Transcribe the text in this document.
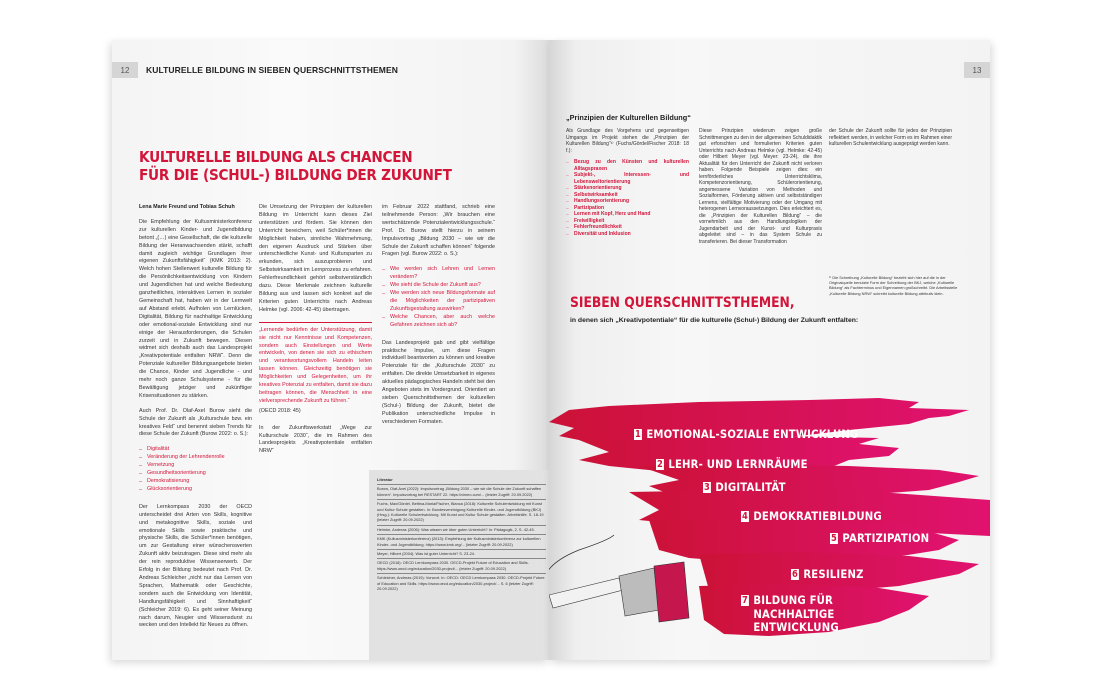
12	KULTURELLE BILDUNG IN SIEBEN QUERSCHNITTSTHEMEN
KULTURELLE BILDUNG ALS CHANCEN
FÜR DIE (SCHUL-) BILDUNG DER ZUKUNFT
Lena Marie Freund und Tobias Schuh

Die Empfehlung der Kultusministerkonferenz zur kulturellen Kinder- und Jugendbildung betont „(…) eine Gesellschaft, die die kulturelle Bildung der Heranwachsenden stärkt, schafft damit zugleich wichtige Grundlagen ihrer eigenen Zukunftsfähigkeit“ (KMK 2013: 2). Welch hohen Stellenwert kulturelle Bildung für die Persönlichkeitsentwicklung von Kindern und Jugendlichen hat und welche Bedeutung ganzheitliches, interaktives Lernen in sozialer Gemeinschaft hat, haben wir in der Lernwelt auf Abstand erlebt. Aufholen von Lernlücken, Digitalität, Bildung für nachhaltige Entwicklung oder emotional-soziale Entwicklung sind nur einige der Herausforderungen, die Schulen zurzeit und in Zukunft bewegen. Diesen widmet sich deshalb auch das Landesprojekt „Kreativpotentiale entfalten NRW“. Denn die Potenziale kultureller Bildungsangebote bieten die Chance, Kinder und Jugendliche - und mehr noch ganze Schulsysteme - für die Bewältigung jetziger und zukünftiger Krisensituationen zu stärken.

Auch Prof. Dr. Olaf-Axel Burow sieht die Schule der Zukunft als „Kulturschule bzw. ein kreatives Feld“ und benennt sieben Trends für diese Schule der Zukunft (Burow 2022: o. S.):

_ Digitalität
_ Veränderung der Lehrendenrolle
_ Vernetzung
_ Gesundheitsorientierung
_ Demokratisierung
_ Glücksorientierung

Der Lernkompass 2030 der OECD unterscheidet drei Arten von Skills, kognitive und metakognitive Skills, soziale und emotionale Skills sowie praktische und physische Skills, die Schüler*innen benötigen, um zur Gestaltung einer wünschenswerten Zukunft aktiv beizutragen. Diese sind mehr als der rein reproduktive Wissenserwerb. Der Erfolg in der Bildung bedeutet nach Prof. Dr. Andreas Schleicher „nicht nur das Lernen von Sprachen, Mathematik oder Geschichte, sondern auch die Entwicklung von Identität, Handlungsfähigkeit und Sinnhaftigkeit“ (Schleicher 2019: 6). Es geht seiner Meinung nach darum, Neugier und Wissensdurst zu wecken und den Intellekt für Neues zu öffnen.

Die Umsetzung der Prinzipien der kulturellen Bildung im Unterricht kann dieses Ziel unterstützen und fördern. Sie können den Unterricht bereichern, weil Schüler*innen die Möglichkeit haben, sinnliche Wahrnehmung, den eigenen Ausdruck und Stärken über unterschiedliche Kunst- und Kultursparten zu erkunden, sich auszuprobieren und Selbstwirksamkeit im Lernprozess zu erfahren. Fehlerfreundlichkeit gehört selbstverständlich dazu. Diese Merkmale zeichnen kulturelle Bildung aus und lassen sich konkret auf die Kriterien guten Unterrichts nach Andreas Helmke (vgl. 2006: 42-45) übertragen.

„Lernende bedürfen der Unterstützung, damit sie nicht nur Kenntnisse und Kompetenzen, sondern auch Einstellungen und Werte entwickeln, von denen sie sich zu ethischem und verantwortungsvollem Handeln leiten lassen können. Gleichzeitig benötigen sie Möglichkeiten und Gelegenheiten, um ihr kreatives Potenzial zu entfalten, damit sie dazu beitragen können, die Menschheit in eine vielversprechende Zukunft zu führen.“
(OECD 2018: 45)

In der Zukunftswerkstatt „Wege zur Kulturschule 2030“, die im Rahmen des Landesprojekts „Kreativpotentiale entfalten NRW“

im Februar 2022 stattfand, schrieb eine teilnehmende Person: „Wir brauchen eine wertschätzende Potenzialentwicklungsschule.“ Prof. Dr. Burow stellt hierzu in seinem Impulsvortrag „Bildung 2030 – wie wir die Schule der Zukunft schaffen können“ folgende Fragen (vgl. Burow 2022: o. S.):

_ Wie werden sich Lehren und Lernen verändern?
_ Wie sieht die Schule der Zukunft aus?
_ Wie werden sich neue Bildungsformate auf die Möglichkeiten der partizipativen Zukunftsgestaltung auswirken?
_ Welche Chancen, aber auch welche Gefahren zeichnen sich ab?

Das Landesprojekt gab und gibt vielfältige praktische Impulse, um diese Fragen individuell beantworten zu können und kreative Potenziale für die „Kulturschule 2030“ zu entfalten. Die direkte Umsetzbarkeit in eigenes aktuelles pädagogisches Handeln steht bei den Angeboten stets im Vordergrund. Orientiert an sieben Querschnittsthemen der kulturellen (Schul-) Bildung der Zukunft, bietet die Publikation unterschiedliche Impulse in verschiedenen Formaten.

Literatur
Burow, Olaf-Axel (2022): Impulsvortrag „Bildung 2030 – wie wir die Schule der Zukunft schaffen können“. Impulsvortrag bei RESTART 22. https://vimeo.com/... (letzter Zugriff: 20.09.2022)
Fuchs, Max/Gördel, Bettina-Maria/Fischer, Bianca (2018): Kulturelle Schulentwicklung mit Kunst und Kultur Schule gestalten. In: Bundesvereinigung Kulturelle Kinder- und Jugendbildung (BKJ) (Hrsg.): Kulturelle Schulentwicklung. Mit Kunst und Kultur Schule gestalten. Arbeitshilfe. S. 18-19 (letzter Zugriff: 20.09.2022)
Helmke, Andreas (2006): Was wissen wir über guten Unterricht? In: Pädagogik, 2, S. 42-45.
KMK (Kultusministerkonferenz) (2013): Empfehlung der Kultusministerkonferenz zur kulturellen Kinder- und Jugendbildung. https://www.kmk.org/... (letzter Zugriff: 20.09.2022)
Meyer, Hilbert (2004): Was ist guter Unterricht? S. 23-24.
OECD (2018): OECD Lernkompass 2030. OECD-Projekt Future of Education and Skills. https://www.oecd.org/education/2030-project/... (letzter Zugriff: 20.09.2022)
Schleicher, Andreas (2019): Vorwort. In: OECD: OECD Lernkompass 2030. OECD-Projekt Future of Education and Skills. https://www.oecd.org/education/2030-project/... S. 6 (letzter Zugriff: 20.09.2022)
13
„Prinzipien der Kulturellen Bildung“
Als Grundlage des Vorgehens und gegenseitigen Umgangs im Projekt stehen die „Prinzipien der Kulturellen Bildung“¹⁾ (Fuchs/Gördel/Fischer 2018: 18 f.):
_ Bezug zu den Künsten und kulturellen Alltagspraxen
_ Subjekt-, Interessen- und Lebensweltorientierung
_ Stärkenorientierung
_ Selbstwirksamkeit
_ Handlungsorientierung
_ Partizipation
_ Lernen mit Kopf, Herz und Hand
_ Freiwilligkeit
_ Fehlerfreundlichkeit
_ Diversität und Inklusion
Diese Prinzipien wiederum zeigen große Schnittmengen zu den in der allgemeinen Schuldidaktik gut erforschten und formulierten Kriterien guten Unterrichts nach Andreas Helmke (vgl. Helmke: 42-45) oder Hilbert Meyer (vgl. Meyer: 23-24), die ihre Aktualität für den Unterricht der Zukunft nicht verloren haben. Folgende Beispiele zeigen dies: ein lernförderliches Unterrichtsklima, Kompetenzorientierung, Schülerorientierung, angemessene Variation von Methoden und Sozialformen, Förderung aktiven und selbstständigen Lernens, vielfältige Motivierung oder der Umgang mit heterogenen Lernvoraussetzungen. Dies erleichtert es, die „Prinzipien der Kulturellen Bildung“ – die vornehmlich aus den Handlungslogiken der Jugendarbeit und der Kunst- und Kulturpraxis abgeleitet sind – in das System Schule zu transferieren. Bei dieser Transformation
der Schule der Zukunft sollte für jedes der Prinzipien reflektiert werden, in welcher Form es im Rahmen einer kulturellen Schulentwicklung ausgeprägt werden kann.
¹⁾ Die Schreibung „Kulturelle Bildung“ bezieht sich hier auf die in der Originalquelle benutzte Form der Schreibung der BKJ, welche „Kulturelle Bildung“ als Fachterminus und Eigennamen großschreibt. Die Arbeitsstelle „Kulturelle Bildung NRW“ schreibt kulturelle Bildung attributiv klein.
SIEBEN QUERSCHNITTSTHEMEN,
in denen sich „Kreativpotentiale“ für die kulturelle (Schul-) Bildung der Zukunft entfalten:
1 EMOTIONAL-SOZIALE ENTWICKLUNG
2 LEHR- UND LERNRÄUME
3 DIGITALITÄT
4 DEMOKRATIEBILDUNG
5 PARTIZIPATION
6 RESILIENZ
7 BILDUNG FÜR
NACHHALTIGE
ENTWICKLUNG
